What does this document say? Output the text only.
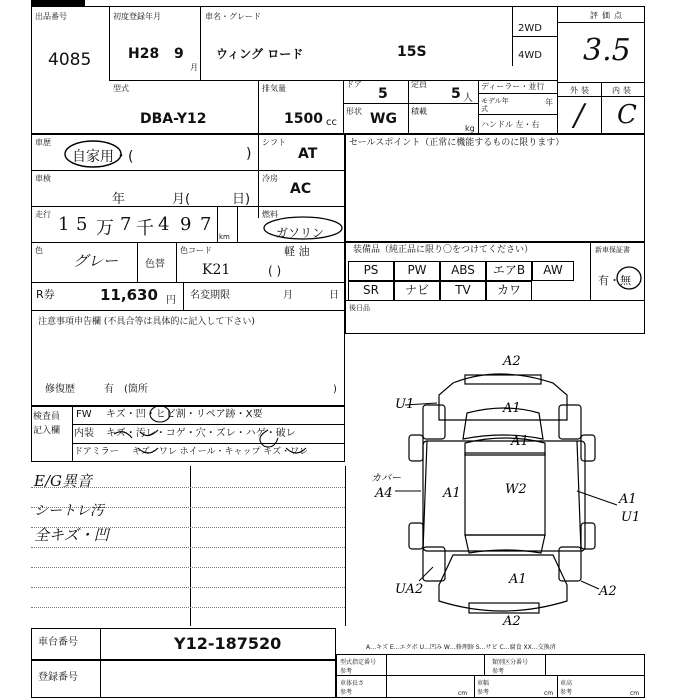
出品番号
4085
初度登録年月
H28 9
月
車名・グレード
ウィング ロード	15S
2WD
4WD
評価点
3.5
外装	内装
/ C
型式
DBA-Y12
排気量
1500 cc
ドア
5
定員
5 人
形状 WG 積載
kg
ディーラー・並行
モデル年式
年
ハンドル 左・右
車歴
自家用・(	)
シフト
AT
車検
年	月(	日)
冷房
AC
走行 1 5 万 7 千 4 9 7
km
燃料
ガソリン
軽 油
( )
色
グレー	色替
色コード
K21
R券	11,630 円 名変期限	月	日
注意事項申告欄 (不具合等は具体的に記入して下さい)
修復歴	有 (箇所	)
検査員
記入欄
FW キズ・凹・ヒビ割・リペア跡・X要
内装 キズ・汚レ・コゲ・穴・ズレ・ハゲ・破レ
ドアミラー キズ・ワレ ホイール・キャップ キズ・ワレ
セールスポイント（正常に機能するものに限ります）
装備品（純正品に限り〇をつけてください）	新車保証書
有・無
PS	PW	ABS	エアB	AW
SR	ナビ	TV	カワ
後日品
A2
A1
U1
A1
W2
A1
カバー
A4	A1
U1
A1
UA2	A2
A2
E/G異音
シートレ汚
全キズ・凹
A…キズ E…エクボ U…凹み W…修理跡 S…サビ C…腐食 XX…交換済
車台番号	Y12-187520
登録番号
型式指定番号
参考
類別区分番号
参考
車体長さ
参考	cm
車幅
参考	cm
車高
参考	cm
